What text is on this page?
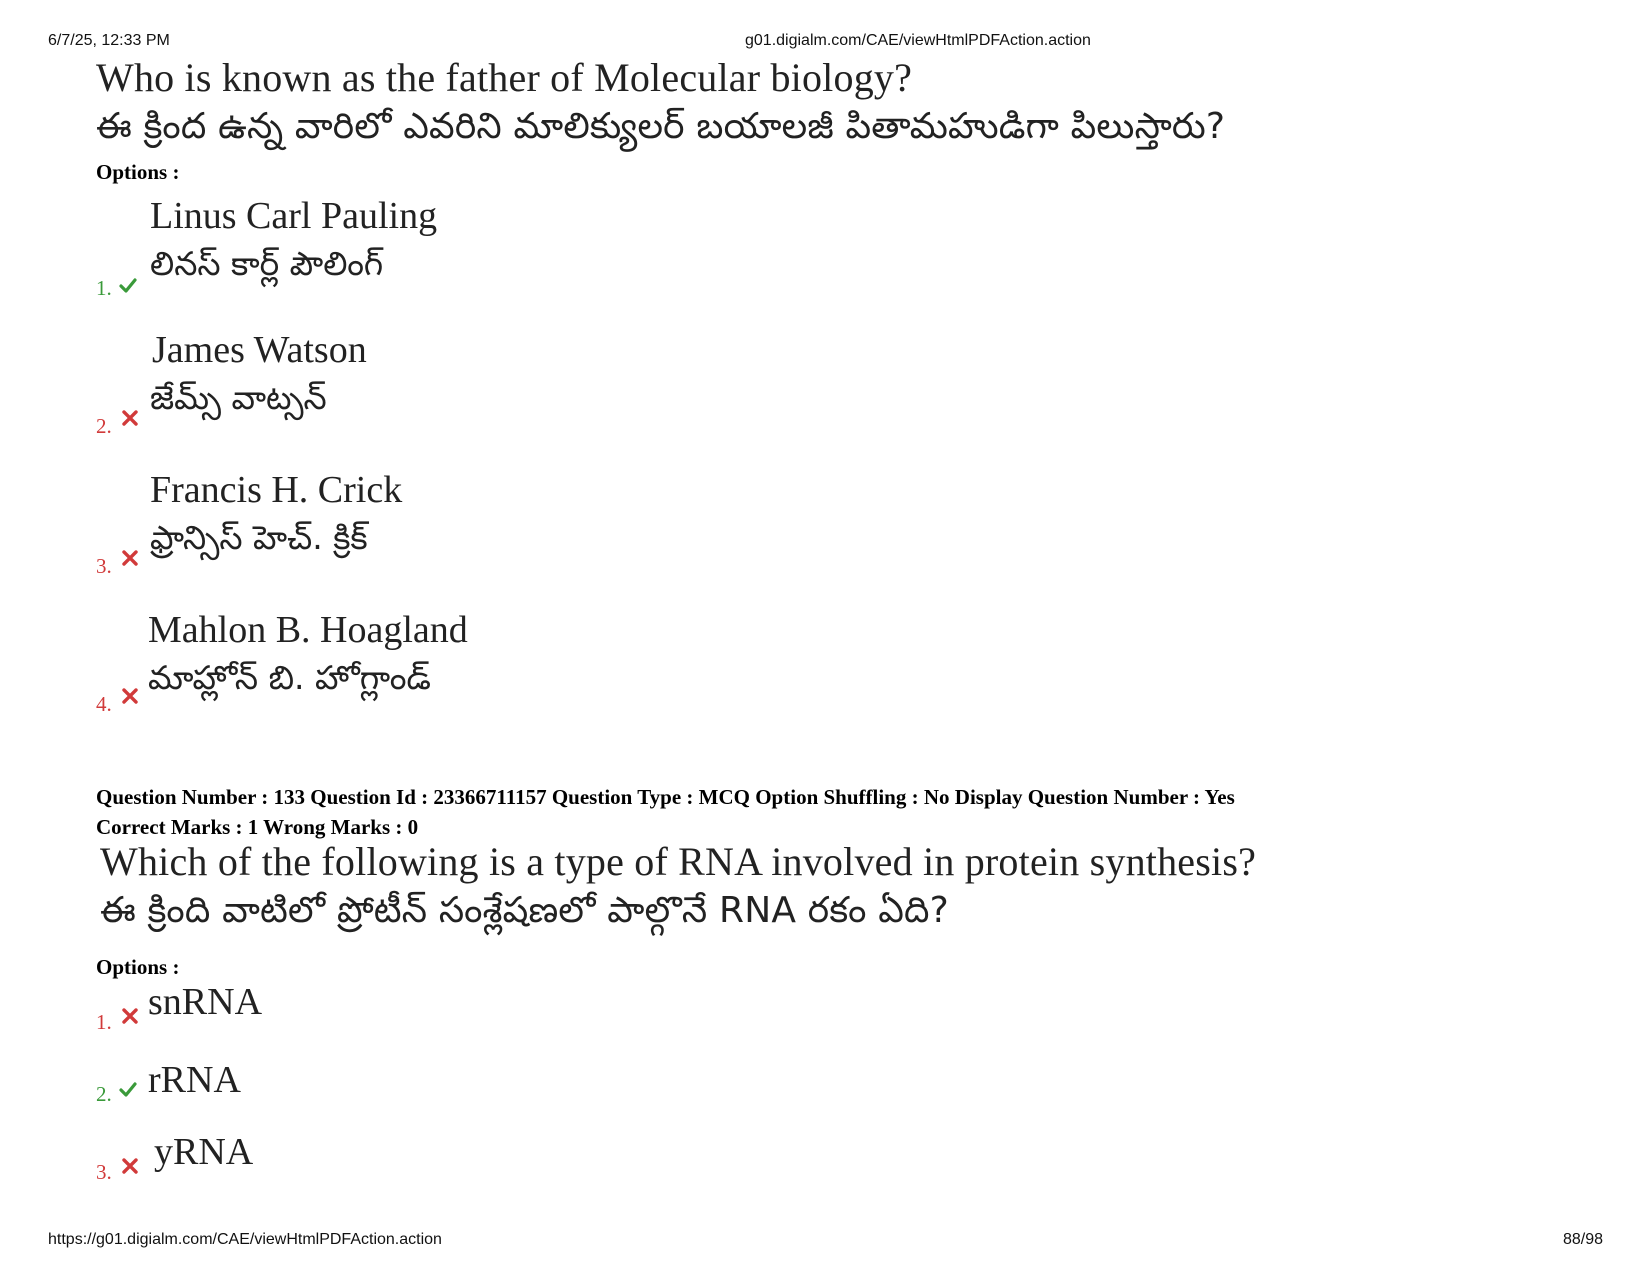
6/7/25, 12:33 PM	g01.digialm.com/CAE/viewHtmlPDFAction.action
Who is known as the father of Molecular biology?
ఈ క్రింద ఉన్న వారిలో ఎవరిని మాలిక్యులర్ బయాలజీ పితామహుడిగా పిలుస్తారు?
Options :
Linus Carl Pauling
లినస్ కార్ల్ పౌలింగ్
1.
James Watson
జేమ్స్ వాట్సన్
2.
Francis H. Crick
ఫ్రాన్సిస్ హెచ్. క్రిక్
3.
Mahlon B. Hoagland
మాహ్లోన్ బి. హోగ్లాండ్
4.
Question Number : 133 Question Id : 23366711157 Question Type : MCQ Option Shuffling : No Display Question Number : Yes
Correct Marks : 1 Wrong Marks : 0
Which of the following is a type of RNA involved in protein synthesis?
ఈ క్రింది వాటిలో ప్రోటీన్ సంశ్లేషణలో పాల్గొనే RNA రకం ఏది?
Options :
1. snRNA
2. rRNA
3. yRNA
https://g01.digialm.com/CAE/viewHtmlPDFAction.action	88/98
